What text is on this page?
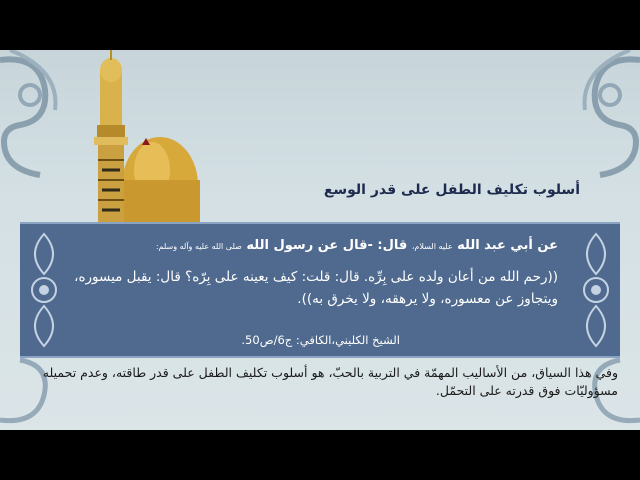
أسلوب تكليف الطفل على قدر الوسع
عن أبي عبد الله عليه السلام، قال: -قال عن رسول الله صلى الله عليه وآله وسلم:
((رحم الله من أعان ولده على بِرِّه. قال: قلت: كيف يعينه على بِرّه؟ قال: يقبل ميسوره، ويتجاوز عن معسوره، ولا يرهقه، ولا يخرق به)).
الشيخ الكليني،الكافي: ج6/ص50.
وفي هذا السياق، من الأساليب المهمّة في التربية بالحبّ، هو أسلوب تكليف الطفل على قدر طاقته، وعدم تحميله مسؤوليّات فوق قدرته على التحمّل.
